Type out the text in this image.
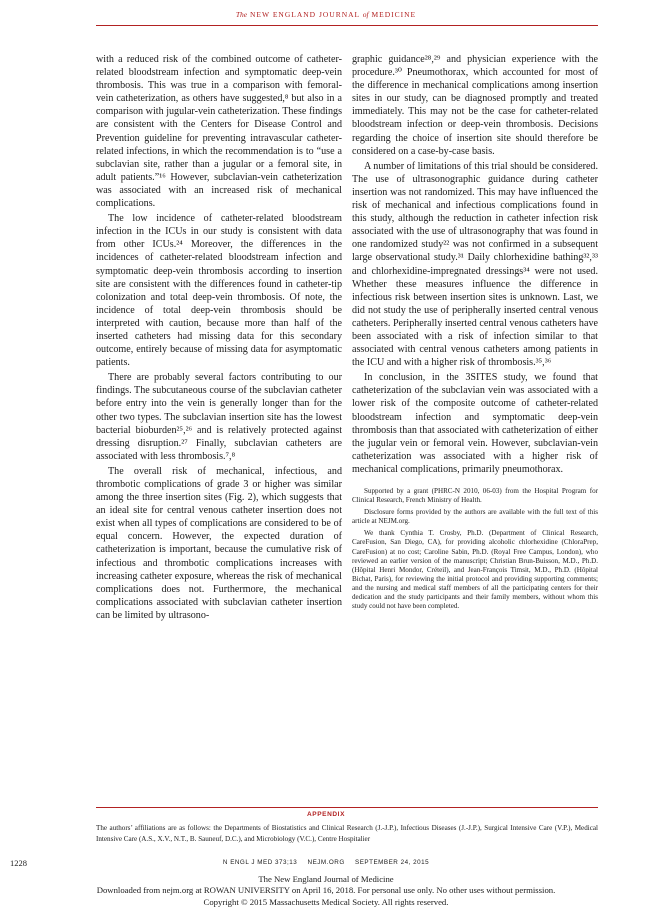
The NEW ENGLAND JOURNAL of MEDICINE

with a reduced risk of the combined outcome of catheter-related bloodstream infection and symptomatic deep-vein thrombosis. This was true in a comparison with femoral-vein catheterization, as others have suggested,⁸ but also in a comparison with jugular-vein catheterization. These findings are consistent with the Centers for Disease Control and Prevention guideline for preventing intravascular catheter-related infections, in which the recommendation is to “use a subclavian site, rather than a jugular or a femoral site, in adult patients.”¹⁶ However, subclavian-vein catheterization was associated with an increased risk of mechanical complications.

The low incidence of catheter-related bloodstream infection in the ICUs in our study is consistent with data from other ICUs.²⁴ Moreover, the differences in the incidences of catheter-related bloodstream infection and symptomatic deep-vein thrombosis according to insertion site are consistent with the differences found in catheter-tip colonization and total deep-vein thrombosis. Of note, the incidence of total deep-vein thrombosis should be interpreted with caution, because more than half of the inserted catheters had missing data for this secondary outcome, entirely because of missing data for asymptomatic patients.

There are probably several factors contributing to our findings. The subcutaneous course of the subclavian catheter before entry into the vein is generally longer than for the other two types. The subclavian insertion site has the lowest bacterial bioburden²⁵,²⁶ and is relatively protected against dressing disruption.²⁷ Finally, subclavian catheters are associated with less thrombosis.⁷,⁸

The overall risk of mechanical, infectious, and thrombotic complications of grade 3 or higher was similar among the three insertion sites (Fig. 2), which suggests that an ideal site for central venous catheter insertion does not exist when all types of complications are considered to be of equal concern. However, the expected duration of catheterization is important, because the cumulative risk of infectious and thrombotic complications increases with increasing catheter exposure, whereas the risk of mechanical complications does not. Furthermore, the mechanical complications associated with subclavian catheter insertion can be limited by ultrasono-

graphic guidance²⁸,²⁹ and physician experience with the procedure.³⁰ Pneumothorax, which accounted for most of the difference in mechanical complications among insertion sites in our study, can be diagnosed promptly and treated immediately. This may not be the case for catheter-related bloodstream infection or deep-vein thrombosis. Decisions regarding the choice of insertion site should therefore be considered on a case-by-case basis.

A number of limitations of this trial should be considered. The use of ultrasonographic guidance during catheter insertion was not randomized. This may have influenced the risk of mechanical and infectious complications found in this study, although the reduction in catheter infection risk associated with the use of ultrasonography that was found in one randomized study²² was not confirmed in a subsequent large observational study.³¹ Daily chlorhexidine bathing³²,³³ and chlorhexidine-impregnated dressings³⁴ were not used. Whether these measures influence the difference in infectious risk between insertion sites is unknown. Last, we did not study the use of peripherally inserted central venous catheters. Peripherally inserted central venous catheters have been associated with a risk of infection similar to that associated with central venous catheters among patients in the ICU and with a higher risk of thrombosis.³⁵,³⁶

In conclusion, in the 3SITES study, we found that catheterization of the subclavian vein was associated with a lower risk of the composite outcome of catheter-related bloodstream infection and symptomatic deep-vein thrombosis than that associated with catheterization of either the jugular vein or femoral vein. However, subclavian-vein catheterization was associated with a higher risk of mechanical complications, primarily pneumothorax.

Supported by a grant (PHRC-N 2010, 06-03) from the Hospital Program for Clinical Research, French Ministry of Health.

Disclosure forms provided by the authors are available with the full text of this article at NEJM.org.

We thank Cynthia T. Crosby, Ph.D. (Department of Clinical Research, CareFusion, San Diego, CA), for providing alcoholic chlorhexidine (ChloraPrep, CareFusion) at no cost; Caroline Sabin, Ph.D. (Royal Free Campus, London), who reviewed an earlier version of the manuscript; Christian Brun-Buisson, M.D., Ph.D. (Hôpital Henri Mondor, Créteil), and Jean-François Timsit, M.D., Ph.D. (Hôpital Bichat, Paris), for reviewing the initial protocol and providing supporting comments; and the nursing and medical staff members of all the participating centers for their dedication and the study participants and their family members, without whom this study could not have been completed.

APPENDIX
The authors’ affiliations are as follows: the Departments of Biostatistics and Clinical Research (J.-J.P.), Infectious Diseases (J.-J.P.), Surgical Intensive Care (V.P.), Medical Intensive Care (A.S., X.V., N.T., B. Sauneuf, D.C.), and Microbiology (V.C.), Centre Hospitalier
1228	N ENGL J MED 373;13 NEJM.ORG SEPTEMBER 24, 2015
The New England Journal of Medicine
Downloaded from nejm.org at ROWAN UNIVERSITY on April 16, 2018. For personal use only. No other uses without permission.
Copyright © 2015 Massachusetts Medical Society. All rights reserved.
